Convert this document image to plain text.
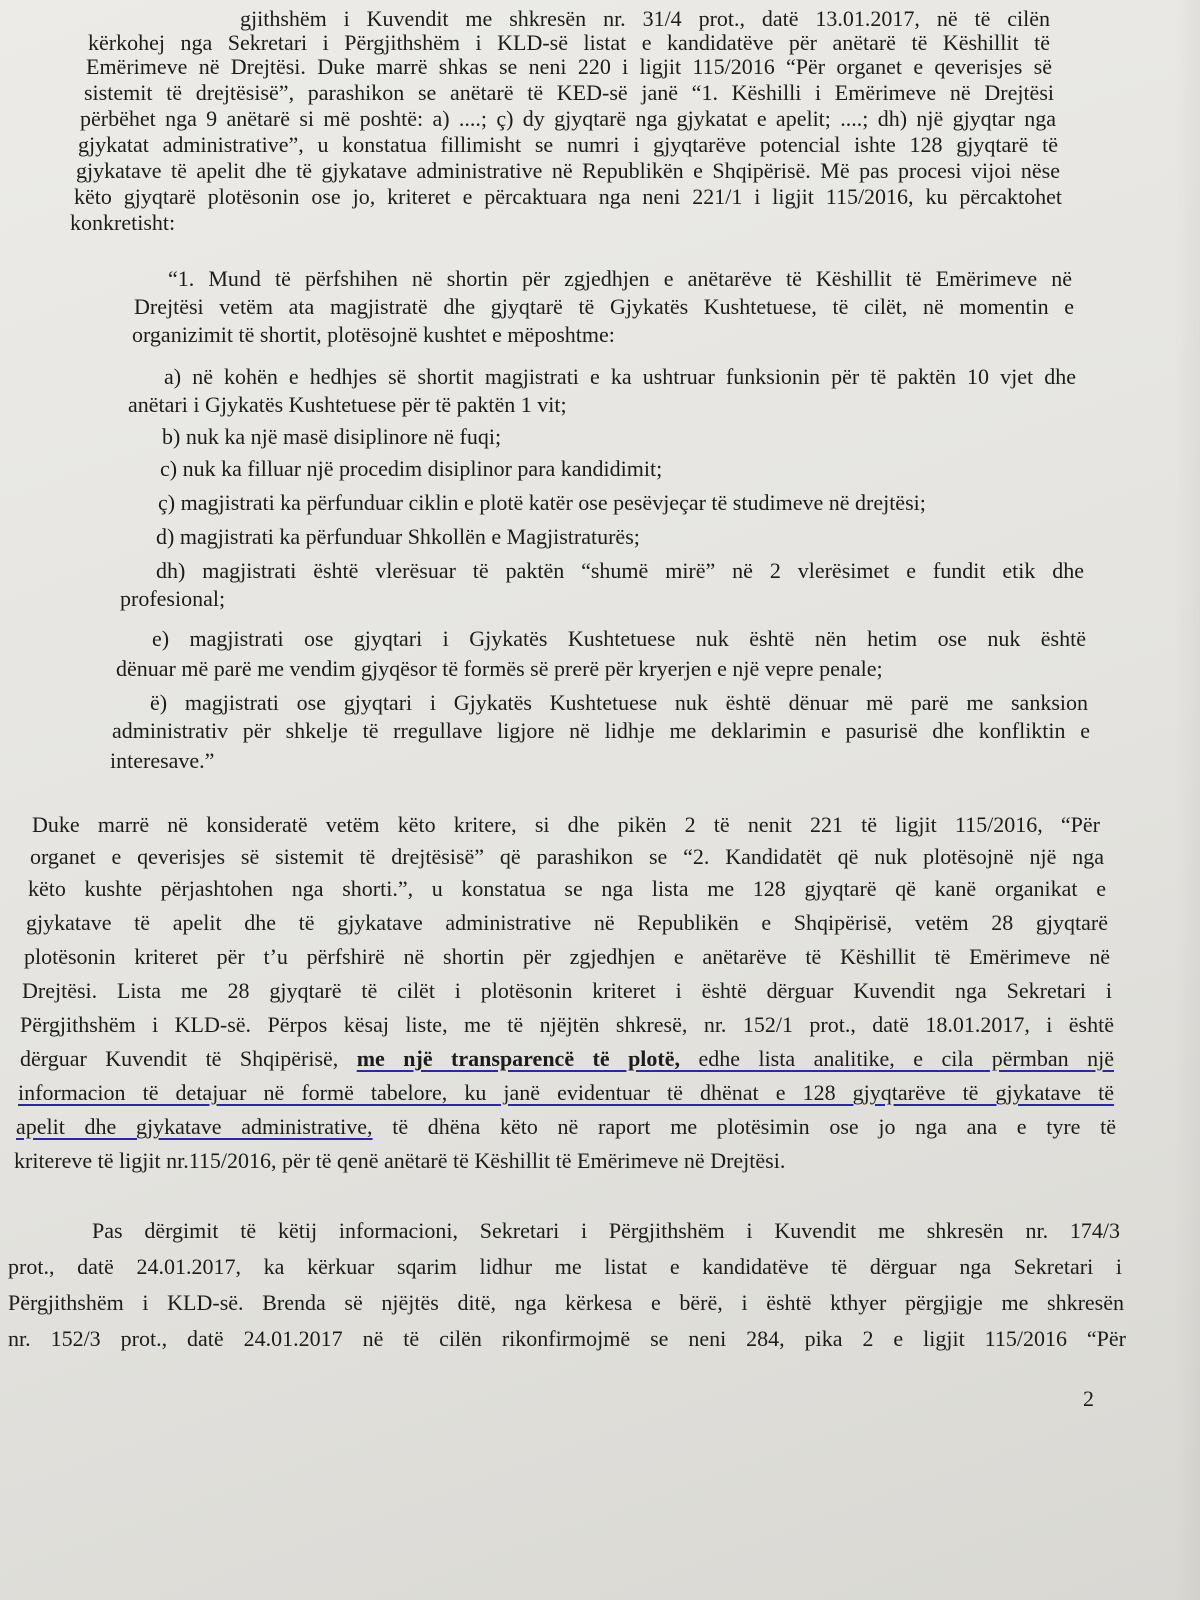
gjithshëm i Kuvendit me shkresën nr. 31/4 prot., datë 13.01.2017, në të cilën
kërkohej nga Sekretari i Përgjithshëm i KLD-së listat e kandidatëve për anëtarë të Këshillit të
Emërimeve në Drejtësi. Duke marrë shkas se neni 220 i ligjit 115/2016 “Për organet e qeverisjes së
sistemit të drejtësisë”, parashikon se anëtarë të KED-së janë “1. Këshilli i Emërimeve në Drejtësi
përbëhet nga 9 anëtarë si më poshtë: a) ....; ç) dy gjyqtarë nga gjykatat e apelit; ....; dh) një gjyqtar nga
gjykatat administrative”, u konstatua fillimisht se numri i gjyqtarëve potencial ishte 128 gjyqtarë të
gjykatave të apelit dhe të gjykatave administrative në Republikën e Shqipërisë. Më pas procesi vijoi nëse
këto gjyqtarë plotësonin ose jo, kriteret e përcaktuara nga neni 221/1 i ligjit 115/2016, ku përcaktohet
konkretisht:
“1. Mund të përfshihen në shortin për zgjedhjen e anëtarëve të Këshillit të Emërimeve në
Drejtësi vetëm ata magjistratë dhe gjyqtarë të Gjykatës Kushtetuese, të cilët, në momentin e
organizimit të shortit, plotësojnë kushtet e mëposhtme:
a) në kohën e hedhjes së shortit magjistrati e ka ushtruar funksionin për të paktën 10 vjet dhe
anëtari i Gjykatës Kushtetuese për të paktën 1 vit;
b) nuk ka një masë disiplinore në fuqi;
c) nuk ka filluar një procedim disiplinor para kandidimit;
ç) magjistrati ka përfunduar ciklin e plotë katër ose pesëvjeçar të studimeve në drejtësi;
d) magjistrati ka përfunduar Shkollën e Magjistraturës;
dh) magjistrati është vlerësuar të paktën “shumë mirë” në 2 vlerësimet e fundit etik dhe
profesional;
e) magjistrati ose gjyqtari i Gjykatës Kushtetuese nuk është nën hetim ose nuk është
dënuar më parë me vendim gjyqësor të formës së prerë për kryerjen e një vepre penale;
ë) magjistrati ose gjyqtari i Gjykatës Kushtetuese nuk është dënuar më parë me sanksion
administrativ për shkelje të rregullave ligjore në lidhje me deklarimin e pasurisë dhe konfliktin e
interesave.”
Duke marrë në konsideratë vetëm këto kritere, si dhe pikën 2 të nenit 221 të ligjit 115/2016, “Për
organet e qeverisjes së sistemit të drejtësisë” që parashikon se “2. Kandidatët që nuk plotësojnë një nga
këto kushte përjashtohen nga shorti.”, u konstatua se nga lista me 128 gjyqtarë që kanë organikat e
gjykatave të apelit dhe të gjykatave administrative në Republikën e Shqipërisë, vetëm 28 gjyqtarë
plotësonin kriteret për t’u përfshirë në shortin për zgjedhjen e anëtarëve të Këshillit të Emërimeve në
Drejtësi. Lista me 28 gjyqtarë të cilët i plotësonin kriteret i është dërguar Kuvendit nga Sekretari i
Përgjithshëm i KLD-së. Përpos kësaj liste, me të njëjtën shkresë, nr. 152/1 prot., datë 18.01.2017, i është
dërguar Kuvendit të Shqipërisë, me një transparencë të plotë, edhe lista analitike, e cila përmban një
informacion të detajuar në formë tabelore, ku janë evidentuar të dhënat e 128 gjyqtarëve të gjykatave të
apelit dhe gjykatave administrative, të dhëna këto në raport me plotësimin ose jo nga ana e tyre të
kritereve të ligjit nr.115/2016, për të qenë anëtarë të Këshillit të Emërimeve në Drejtësi.
Pas dërgimit të këtij informacioni, Sekretari i Përgjithshëm i Kuvendit me shkresën nr. 174/3
prot., datë 24.01.2017, ka kërkuar sqarim lidhur me listat e kandidatëve të dërguar nga Sekretari i
Përgjithshëm i KLD-së. Brenda së njëjtës ditë, nga kërkesa e bërë, i është kthyer përgjigje me shkresën
nr. 152/3 prot., datë 24.01.2017 në të cilën rikonfirmojmë se neni 284, pika 2 e ligjit 115/2016 “Për
2
